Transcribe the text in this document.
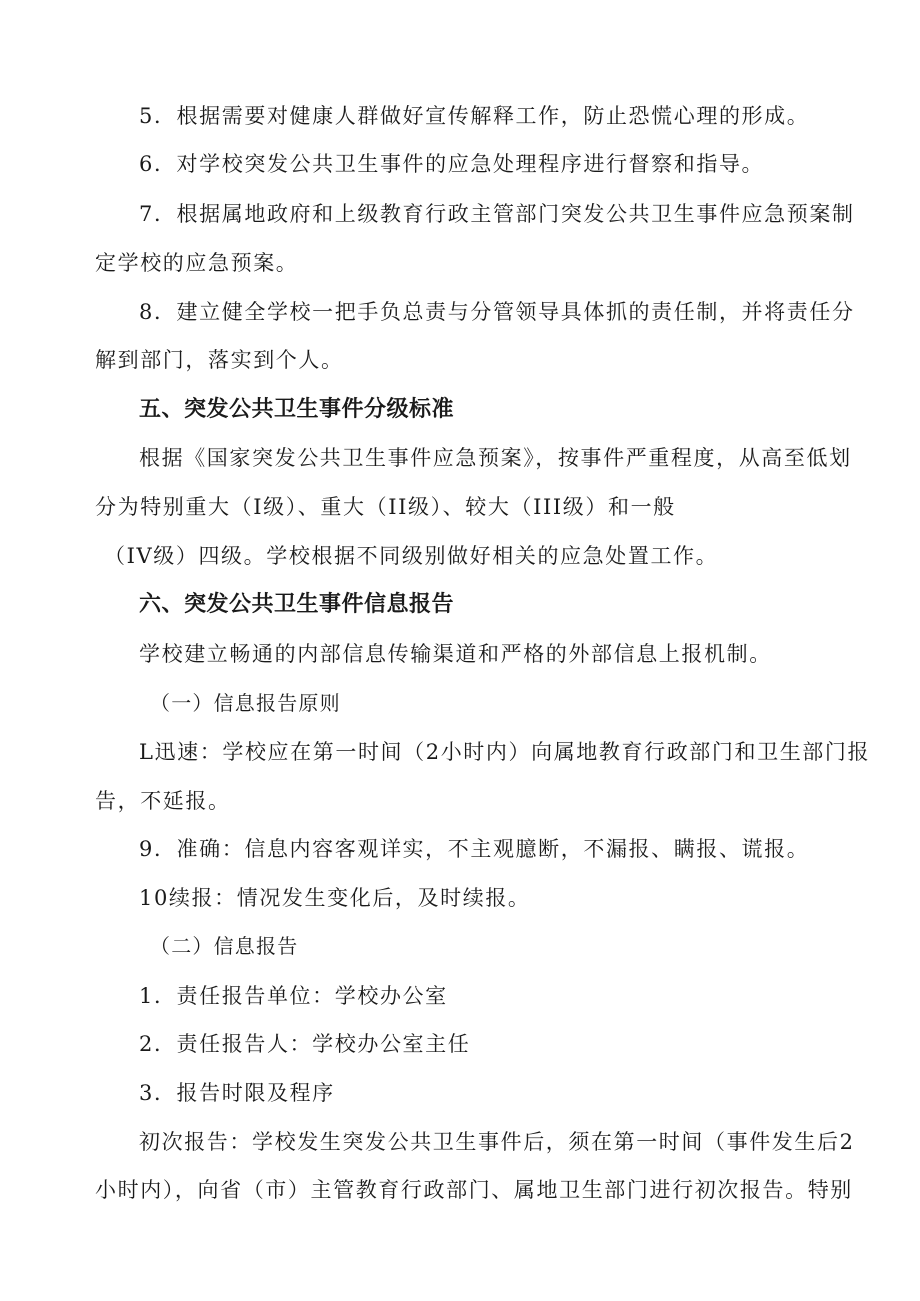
5．根据需要对健康人群做好宣传解释工作，防止恐慌心理的形成。
6．对学校突发公共卫生事件的应急处理程序进行督察和指导。
7．根据属地政府和上级教育行政主管部门突发公共卫生事件应急预案制
定学校的应急预案。
8．建立健全学校一把手负总责与分管领导具体抓的责任制，并将责任分
解到部门，落实到个人。
五、突发公共卫生事件分级标准
根据《国家突发公共卫生事件应急预案》，按事件严重程度，从高至低划
分为特别重大（I级）、重大（II级）、较大（III级）和一般
（IV级）四级。学校根据不同级别做好相关的应急处置工作。
六、突发公共卫生事件信息报告
学校建立畅通的内部信息传输渠道和严格的外部信息上报机制。
（一）信息报告原则
L迅速：学校应在第一时间（2小时内）向属地教育行政部门和卫生部门报
告，不延报。
9．准确：信息内容客观详实，不主观臆断，不漏报、瞒报、谎报。
10续报：情况发生变化后，及时续报。
（二）信息报告
1．责任报告单位：学校办公室
2．责任报告人：学校办公室主任
3．报告时限及程序
初次报告：学校发生突发公共卫生事件后，须在第一时间（事件发生后2
小时内），向省（市）主管教育行政部门、属地卫生部门进行初次报告。特别
